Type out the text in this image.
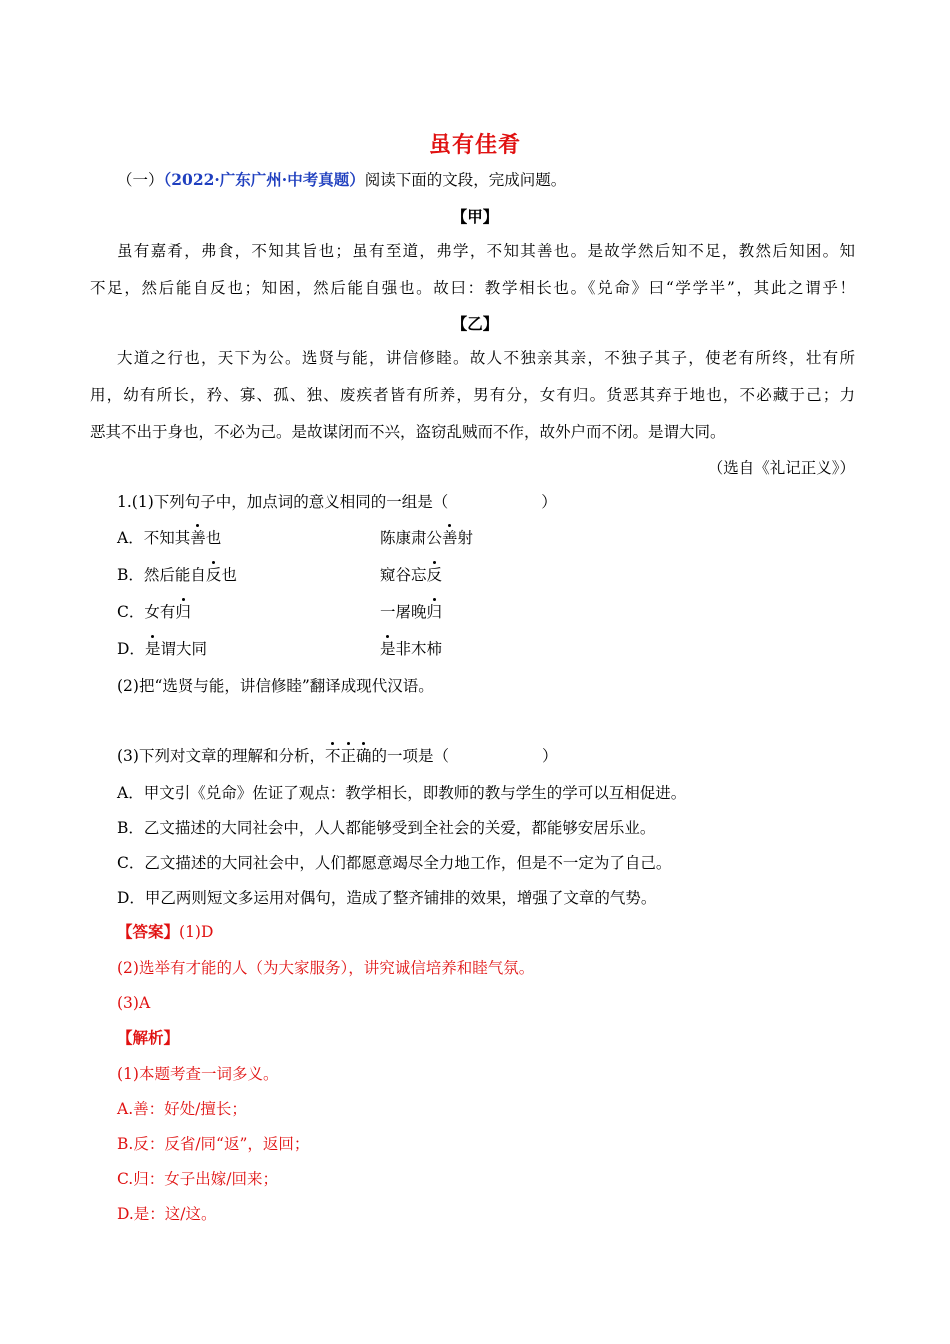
虽有佳肴
（一）（2022·广东广州·中考真题）阅读下面的文段，完成问题。
【甲】
虽有嘉肴，弗食，不知其旨也；虽有至道，弗学，不知其善也。是故学然后知不足，教然后知困。知
不足，然后能自反也；知困，然后能自强也。故曰：教学相长也。《兑命》曰“学学半”，其此之谓乎！
【乙】
大道之行也，天下为公。选贤与能，讲信修睦。故人不独亲其亲，不独子其子，使老有所终，壮有所
用，幼有所长，矜、寡、孤、独、废疾者皆有所养，男有分，女有归。货恶其弃于地也，不必藏于己；力
恶其不出于身也，不必为己。是故谋闭而不兴，盗窃乱贼而不作，故外户而不闭。是谓大同。
（选自《礼记正义》）
1.(1)下列句子中，加点词的意义相同的一组是（　　　　　　）
A．不知其善也	陈康肃公善射
B．然后能自反也	窥谷忘反
C．女有归	一屠晚归
D．是谓大同	是非木柿
(2)把“选贤与能，讲信修睦”翻译成现代汉语。
(3)下列对文章的理解和分析，不正确的一项是（　　　　　　）
A．甲文引《兑命》佐证了观点：教学相长，即教师的教与学生的学可以互相促进。
B．乙文描述的大同社会中，人人都能够受到全社会的关爱，都能够安居乐业。
C．乙文描述的大同社会中，人们都愿意竭尽全力地工作，但是不一定为了自己。
D．甲乙两则短文多运用对偶句，造成了整齐铺排的效果，增强了文章的气势。
【答案】(1)D
(2)选举有才能的人（为大家服务），讲究诚信培养和睦气氛。
(3)A
【解析】
(1)本题考查一词多义。
A.善：好处/擅长；
B.反：反省/同“返”，返回；
C.归：女子出嫁/回来；
D.是：这/这。
